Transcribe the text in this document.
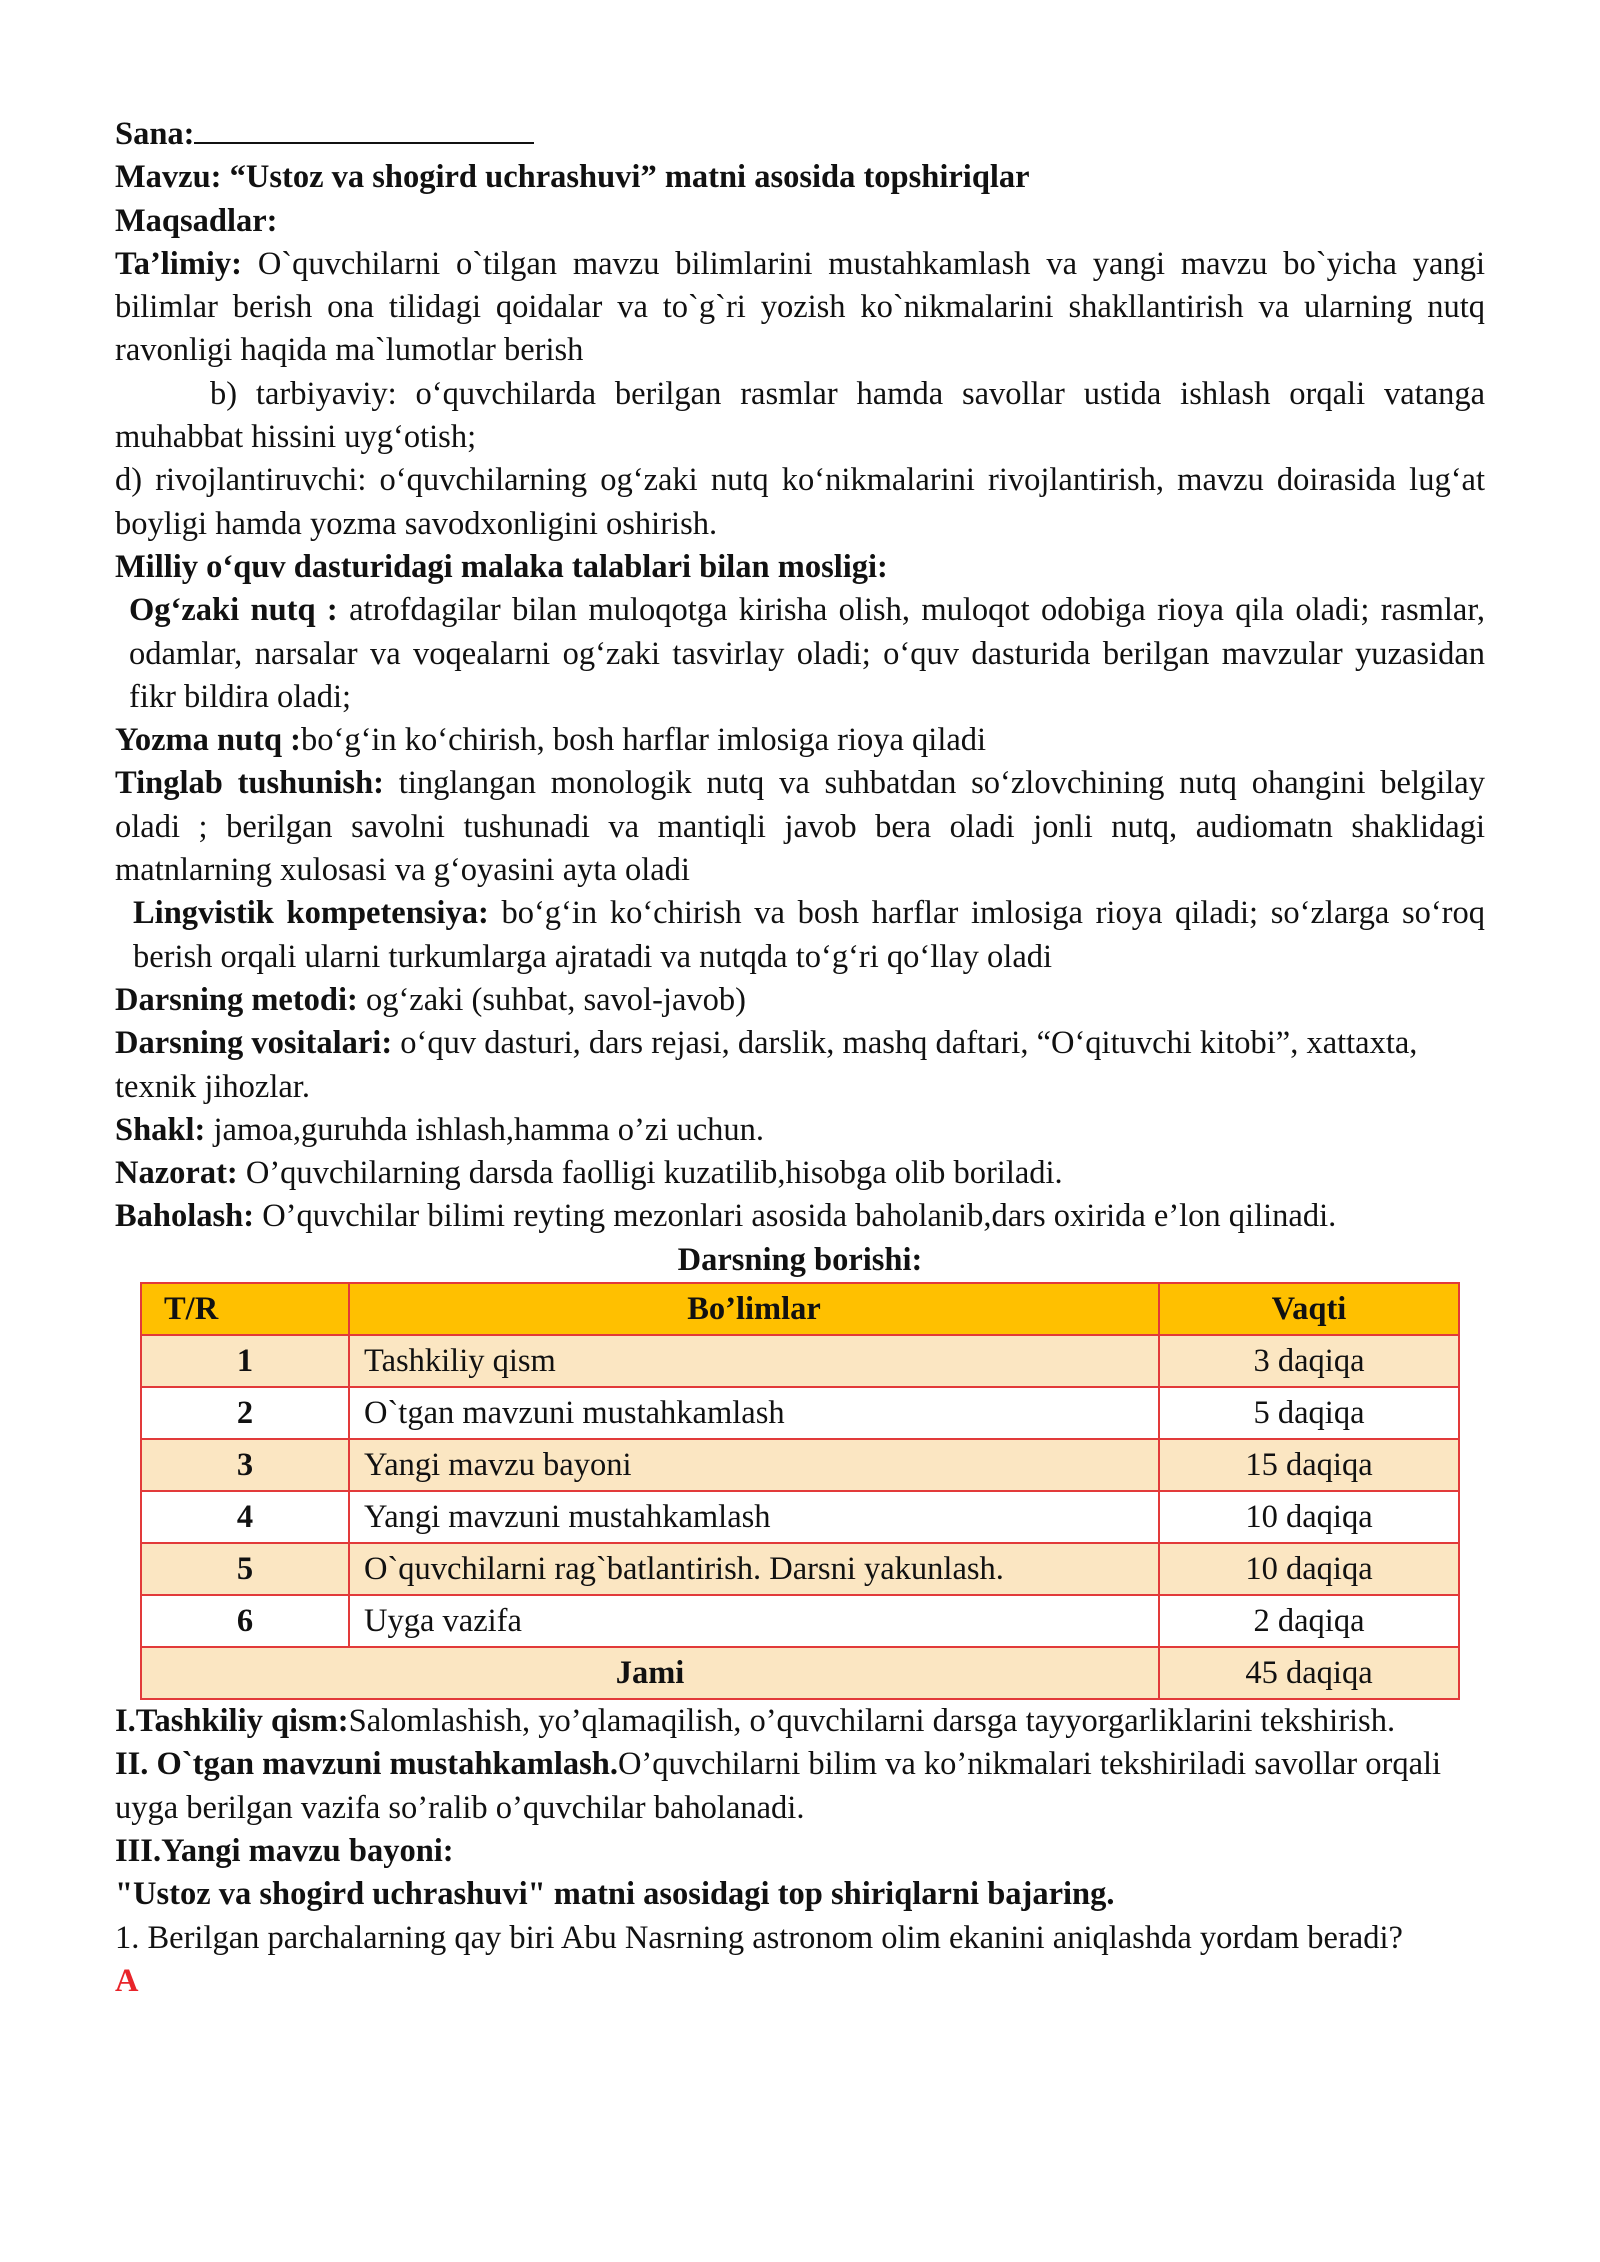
Sana:

Mavzu: “Ustoz va shogird uchrashuvi” matni asosida topshiriqlar

Maqsadlar:

Ta’limiy: O`quvchilarni o`tilgan mavzu bilimlarini mustahkamlash va yangi mavzu bo`yicha yangi bilimlar berish ona tilidagi qoidalar va to`g`ri yozish ko`nikmalarini shakllantirish va ularning nutq ravonligi haqida ma`lumotlar berish

b) tarbiyaviy: o‘quvchilarda berilgan rasmlar hamda savollar ustida ishlash orqali vatanga muhabbat hissini uyg‘otish;

d) rivojlantiruvchi: o‘quvchilarning og‘zaki nutq ko‘nikmalarini rivojlantirish, mavzu doirasida lug‘at boyligi hamda yozma savodxonligini oshirish.

Milliy o‘quv dasturidagi malaka talablari bilan mosligi:

Og‘zaki nutq : atrofdagilar bilan muloqotga kirisha olish, muloqot odobiga rioya qila oladi; rasmlar, odamlar, narsalar va voqealarni og‘zaki tasvirlay oladi; o‘quv dasturida berilgan mavzular yuzasidan fikr bildira oladi;

Yozma nutq :bo‘g‘in ko‘chirish, bosh harflar imlosiga rioya qiladi

Tinglab tushunish: tinglangan monologik nutq va suhbatdan so‘zlovchining nutq ohangini belgilay oladi ; berilgan savolni tushunadi va mantiqli javob bera oladi jonli nutq, audiomatn shaklidagi matnlarning xulosasi va g‘oyasini ayta oladi

Lingvistik kompetensiya: bo‘g‘in ko‘chirish va bosh harflar imlosiga rioya qiladi; so‘zlarga so‘roq berish orqali ularni turkumlarga ajratadi va nutqda to‘g‘ri qo‘llay oladi

Darsning metodi: og‘zaki (suhbat, savol-javob)

Darsning vositalari: o‘quv dasturi, dars rejasi, darslik, mashq daftari, “O‘qituvchi kitobi”, xattaxta, texnik jihozlar.

Shakl: jamoa,guruhda ishlash,hamma o’zi uchun.

Nazorat: O’quvchilarning darsda faolligi kuzatilib,hisobga olib boriladi.

Baholash: O’quvchilar bilimi reyting mezonlari asosida baholanib,dars oxirida e’lon qilinadi.

Darsning borishi:

T/R	Bo’limlar	Vaqti
1	Tashkiliy qism	3 daqiqa
2	O`tgan mavzuni mustahkamlash	5 daqiqa
3	Yangi mavzu bayoni	15 daqiqa
4	Yangi mavzuni mustahkamlash	10 daqiqa
5	O`quvchilarni rag`batlantirish. Darsni yakunlash.	10 daqiqa
6	Uyga vazifa	2 daqiqa
Jami		45 daqiqa

I.Tashkiliy qism:Salomlashish, yo’qlamaqilish, o’quvchilarni darsga tayyorgarliklarini tekshirish.

II. O`tgan mavzuni mustahkamlash.O’quvchilarni bilim va ko’nikmalari tekshiriladi savollar orqali uyga berilgan vazifa so’ralib o’quvchilar baholanadi.

III.Yangi mavzu bayoni:

"Ustoz va shogird uchrashuvi" matni asosidagi top shiriqlarni bajaring.

1. Berilgan parchalarning qay biri Abu Nasrning astronom olim ekanini aniqlashda yordam beradi?

A
